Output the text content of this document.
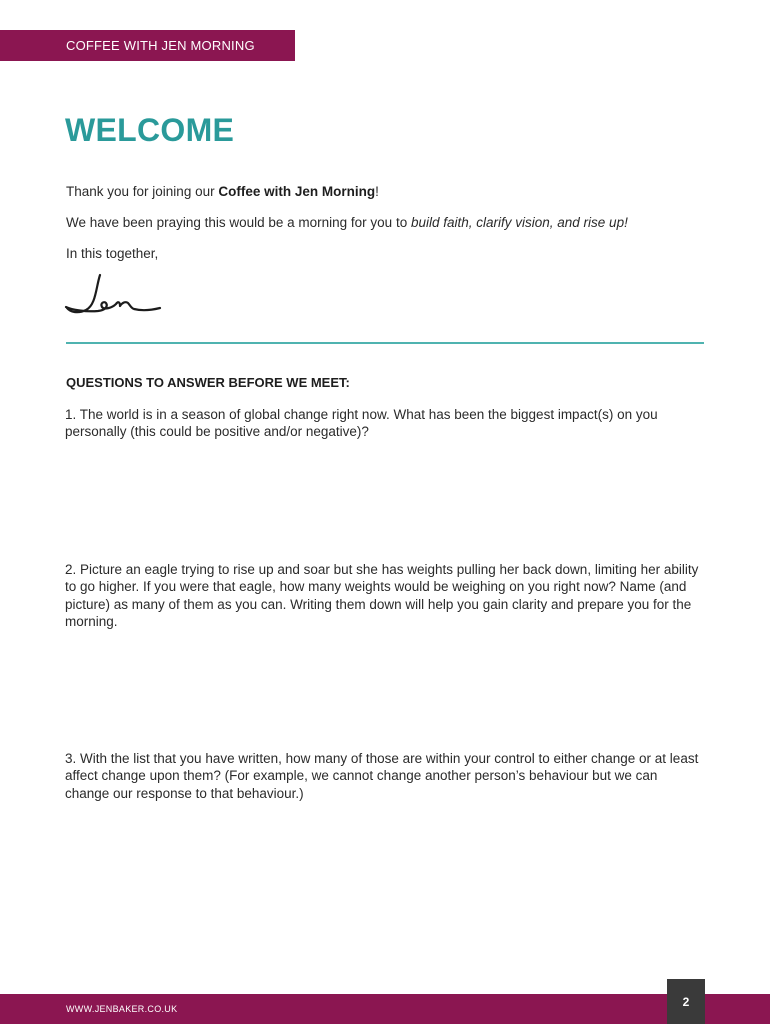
COFFEE WITH JEN MORNING
WELCOME

Thank you for joining our Coffee with Jen Morning!

We have been praying this would be a morning for you to build faith, clarify vision, and rise up!

In this together,

QUESTIONS TO ANSWER BEFORE WE MEET:

1. The world is in a season of global change right now. What has been the biggest impact(s) on you personally (this could be positive and/or negative)?

2. Picture an eagle trying to rise up and soar but she has weights pulling her back down, limiting her ability to go higher. If you were that eagle, how many weights would be weighing on you right now? Name (and picture) as many of them as you can. Writing them down will help you gain clarity and prepare you for the morning.

3. With the list that you have written, how many of those are within your control to either change or at least affect change upon them? (For example, we cannot change another person’s behaviour but we can change our response to that behaviour.)

WWW.JENBAKER.CO.UK
2
